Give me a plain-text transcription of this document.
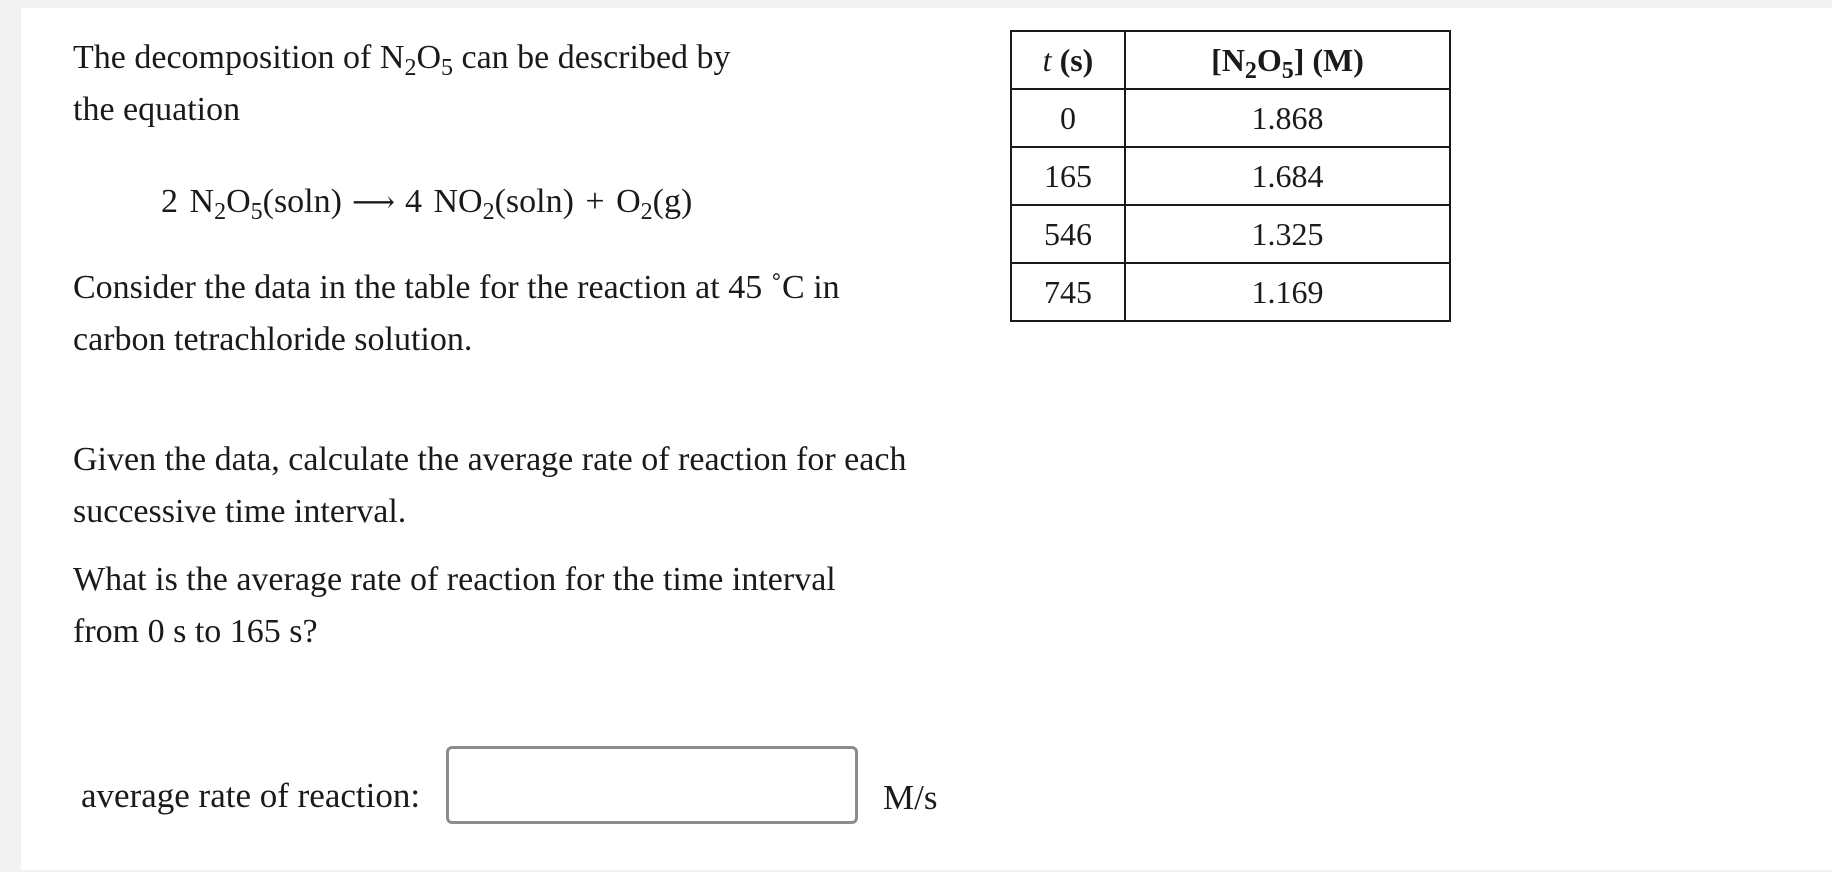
The decomposition of $N_2O_5$ can be described by
the equation
2 $N_2O_5(soln)$ ⟶ 4 $NO_2(soln) + O_2(g)$
Consider the data in the table for the reaction at 45 ˚C in
carbon tetrachloride solution.
Given the data, calculate the average rate of reaction for each
successive time interval.
What is the average rate of reaction for the time interval
from 0 s to 165 s?
average rate of reaction:	M/s
t (s)	$[N_2O_5]$ (M)
0	1.868
165	1.684
546	1.325
745	1.169
